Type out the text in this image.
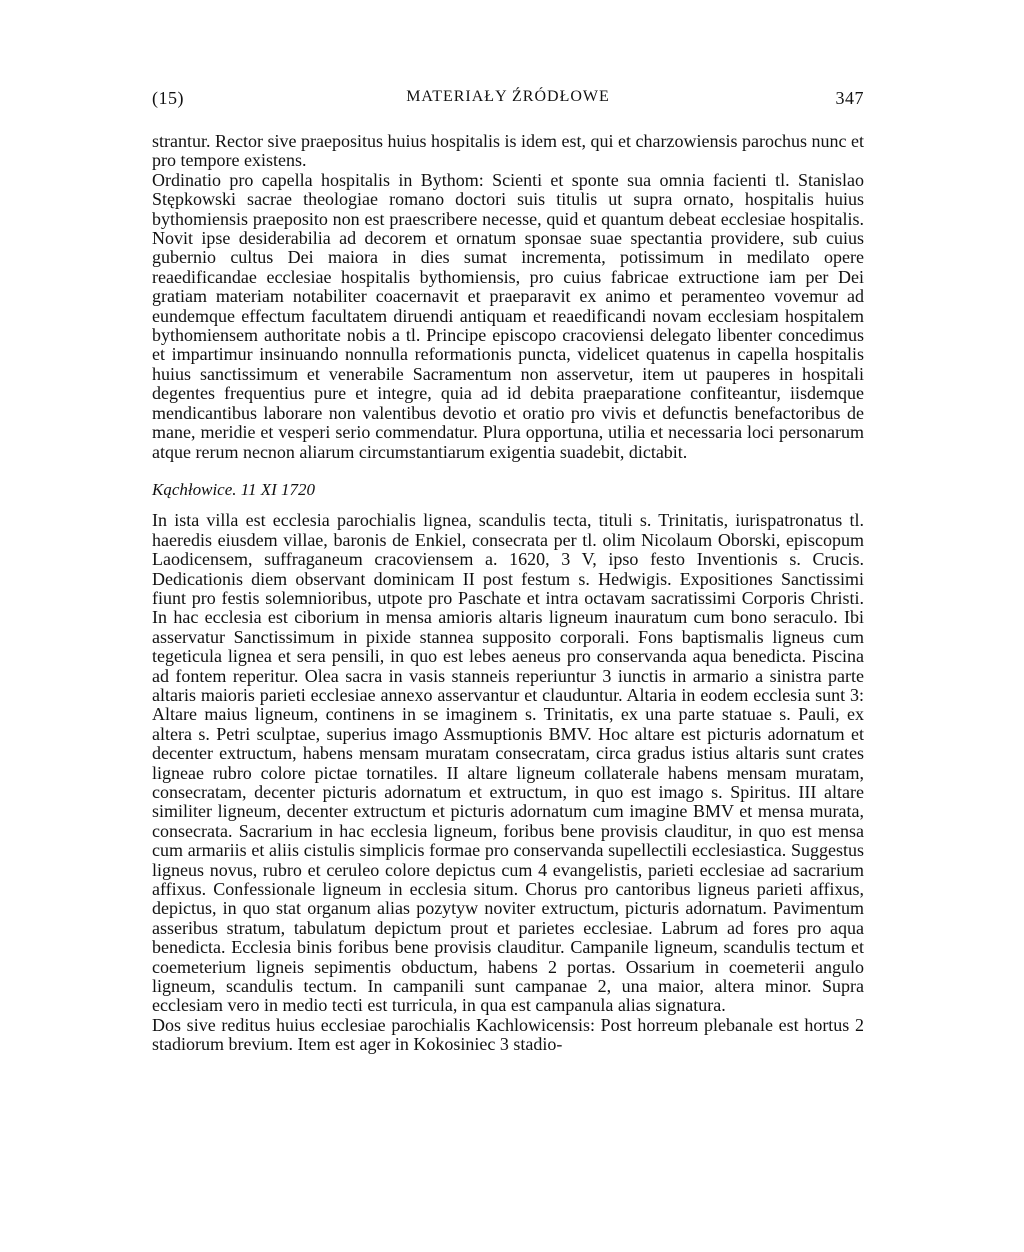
(15)	MATERIAŁY ŹRÓDŁOWE	347

strantur. Rector sive praepositus huius hospitalis is idem est, qui et charzowiensis parochus nunc et pro tempore existens.

Ordinatio pro capella hospitalis in Bythom: Scienti et sponte sua omnia facienti tl. Stanislao Stępkowski sacrae theologiae romano doctori suis titulis ut supra ornato, hospitalis huius bythomiensis praeposito non est praescribere necesse, quid et quantum debeat ecclesiae hospitalis. Novit ipse desiderabilia ad decorem et ornatum sponsae suae spectantia providere, sub cuius gubernio cultus Dei maiora in dies sumat incrementa, potissimum in medilato opere reaedificandae ecclesiae hospitalis bythomiensis, pro cuius fabricae extructione iam per Dei gratiam materiam notabiliter coacernavit et praeparavit ex animo et peramenteo vovemur ad eundemque effectum facultatem diruendi antiquam et reaedificandi novam ecclesiam hospitalem bythomiensem authoritate nobis a tl. Principe episcopo cracoviensi delegato libenter concedimus et impartimur insinuando nonnulla reformationis puncta, videlicet quatenus in capella hospitalis huius sanctissimum et venerabile Sacramentum non asservetur, item ut pauperes in hospitali degentes frequentius pure et integre, quia ad id debita praeparatione confiteantur, iisdemque mendicantibus laborare non valentibus devotio et oratio pro vivis et defunctis benefactoribus de mane, meridie et vesperi serio commendatur. Plura opportuna, utilia et necessaria loci personarum atque rerum necnon aliarum circumstantiarum exigentia suadebit, dictabit.

Kąchłowice. 11 XI 1720

In ista villa est ecclesia parochialis lignea, scandulis tecta, tituli s. Trinitatis, iurispatronatus tl. haeredis eiusdem villae, baronis de Enkiel, consecrata per tl. olim Nicolaum Oborski, episcopum Laodicensem, suffraganeum cracoviensem a. 1620, 3 V, ipso festo Inventionis s. Crucis. Dedicationis diem observant dominicam II post festum s. Hedwigis. Expositiones Sanctissimi fiunt pro festis solemnioribus, utpote pro Paschate et intra octavam sacratissimi Corporis Christi. In hac ecclesia est ciborium in mensa amioris altaris ligneum inauratum cum bono seraculo. Ibi asservatur Sanctissimum in pixide stannea supposito corporali. Fons baptismalis ligneus cum tegeticula lignea et sera pensili, in quo est lebes aeneus pro conservanda aqua benedicta. Piscina ad fontem reperitur. Olea sacra in vasis stanneis reperiuntur 3 iunctis in armario a sinistra parte altaris maioris parieti ecclesiae annexo asservantur et clauduntur. Altaria in eodem ecclesia sunt 3: Altare maius ligneum, continens in se imaginem s. Trinitatis, ex una parte statuae s. Pauli, ex altera s. Petri sculptae, superius imago Assmuptionis BMV. Hoc altare est picturis adornatum et decenter extructum, habens mensam muratam consecratam, circa gradus istius altaris sunt crates ligneae rubro colore pictae tornatiles. II altare ligneum collaterale habens mensam muratam, consecratam, decenter picturis adornatum et extructum, in quo est imago s. Spiritus. III altare similiter ligneum, decenter extructum et picturis adornatum cum imagine BMV et mensa murata, consecrata. Sacrarium in hac ecclesia ligneum, foribus bene provisis clauditur, in quo est mensa cum armariis et aliis cistulis simplicis formae pro conservanda supellectili ecclesiastica. Suggestus ligneus novus, rubro et ceruleo colore depictus cum 4 evangelistis, parieti ecclesiae ad sacrarium affixus. Confessionale ligneum in ecclesia situm. Chorus pro cantoribus ligneus parieti affixus, depictus, in quo stat organum alias pozytyw noviter extructum, picturis adornatum. Pavimentum asseribus stratum, tabulatum depictum prout et parietes ecclesiae. Labrum ad fores pro aqua benedicta. Ecclesia binis foribus bene provisis clauditur. Campanile ligneum, scandulis tectum et coemeterium ligneis sepimentis obductum, habens 2 portas. Ossarium in coemeterii angulo ligneum, scandulis tectum. In campanili sunt campanae 2, una maior, altera minor. Supra ecclesiam vero in medio tecti est turricula, in qua est campanula alias signatura.

Dos sive reditus huius ecclesiae parochialis Kachlowicensis: Post horreum plebanale est hortus 2 stadiorum brevium. Item est ager in Kokosiniec 3 stadio-
